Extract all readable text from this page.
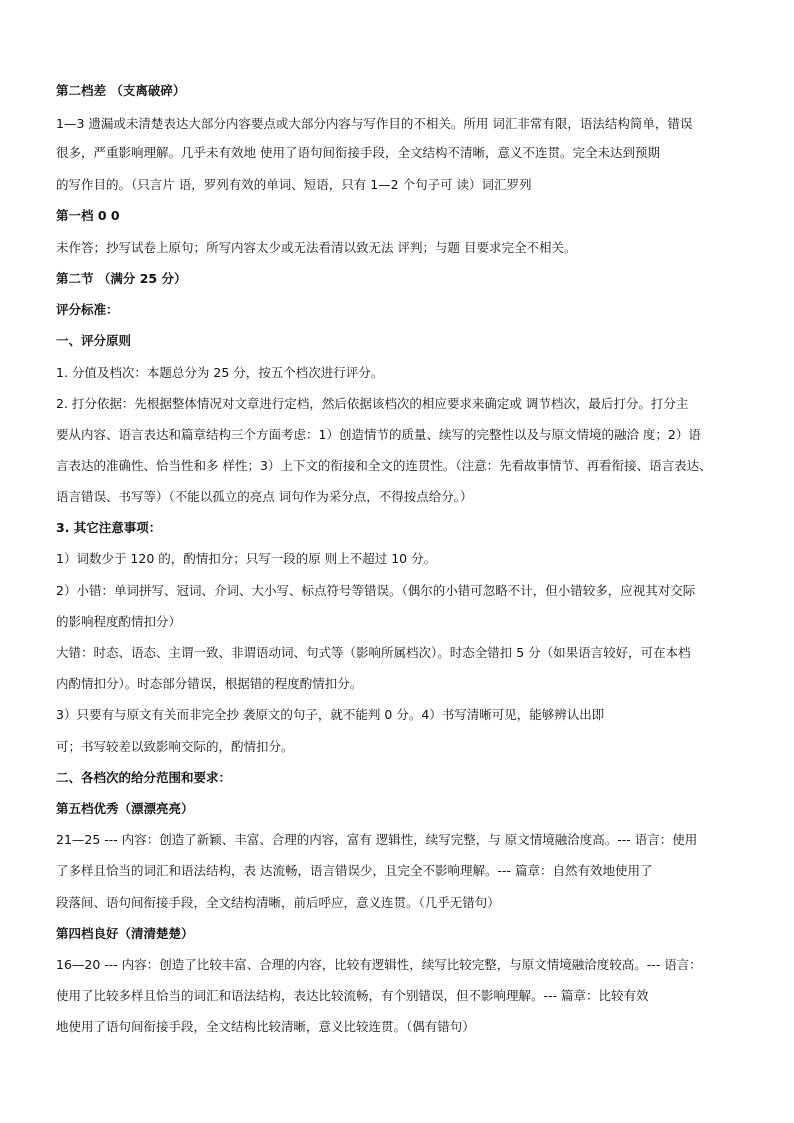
第二档差 （支离破碎）
1—3 遗漏或未清楚表达大部分内容要点或大部分内容与写作目的不相关。所用 词汇非常有限，语法结构简单，错误
很多，严重影响理解。几乎未有效地 使用了语句间衔接手段，全文结构不清晰，意义不连贯。完全未达到预期
的写作目的。（只言片 语，罗列有效的单词、短语，只有 1—2 个句子可 读）词汇罗列
第一档 0 0
未作答；抄写试卷上原句；所写内容太少或无法看清以致无法 评判；与题 目要求完全不相关。
第二节 （满分 25 分）
评分标准：
一、评分原则
1. 分值及档次：本题总分为 25 分，按五个档次进行评分。
2. 打分依据：先根据整体情况对文章进行定档，然后依据该档次的相应要求来确定或 调节档次，最后打分。打分主
要从内容、语言表达和篇章结构三个方面考虑：1）创造情节的质量、续写的完整性以及与原文情境的融洽 度；2）语
言表达的准确性、恰当性和多 样性；3）上下文的衔接和全文的连贯性。（注意：先看故事情节、再看衔接、语言表达、
语言错误、书写等）（不能以孤立的亮点 词句作为采分点，不得按点给分。）
3. 其它注意事项：
1）词数少于 120 的，酌情扣分；只写一段的原 则上不超过 10 分。
2）小错：单词拼写、冠词、介词、大小写、标点符号等错误。（偶尔的小错可忽略不计，但小错较多，应视其对交际
的影响程度酌情扣分）
大错：时态、语态、主谓一致、非谓语动词、句式等（影响所属档次）。时态全错扣 5 分（如果语言较好，可在本档
内酌情扣分）。时态部分错误，根据错的程度酌情扣分。
3）只要有与原文有关而非完全抄 袭原文的句子，就不能判 0 分。4）书写清晰可见，能够辨认出即
可；书写较差以致影响交际的，酌情扣分。
二、各档次的给分范围和要求：
第五档优秀（漂漂亮亮）
21—25 --- 内容：创造了新颖、丰富、合理的内容，富有 逻辑性，续写完整，与 原文情境融洽度高。--- 语言：使用
了多样且恰当的词汇和语法结构，表 达流畅，语言错误少，且完全不影响理解。--- 篇章：自然有效地使用了
段落间、语句间衔接手段，全文结构清晰，前后呼应，意义连贯。（几乎无错句）
第四档良好（清清楚楚）
16—20 --- 内容：创造了比较丰富、合理的内容，比较有逻辑性，续写比较完整，与原文情境融洽度较高。--- 语言：
使用了比较多样且恰当的词汇和语法结构，表达比较流畅，有个别错误，但不影响理解。--- 篇章：比较有效
地使用了语句间衔接手段，全文结构比较清晰，意义比较连贯。（偶有错句）
